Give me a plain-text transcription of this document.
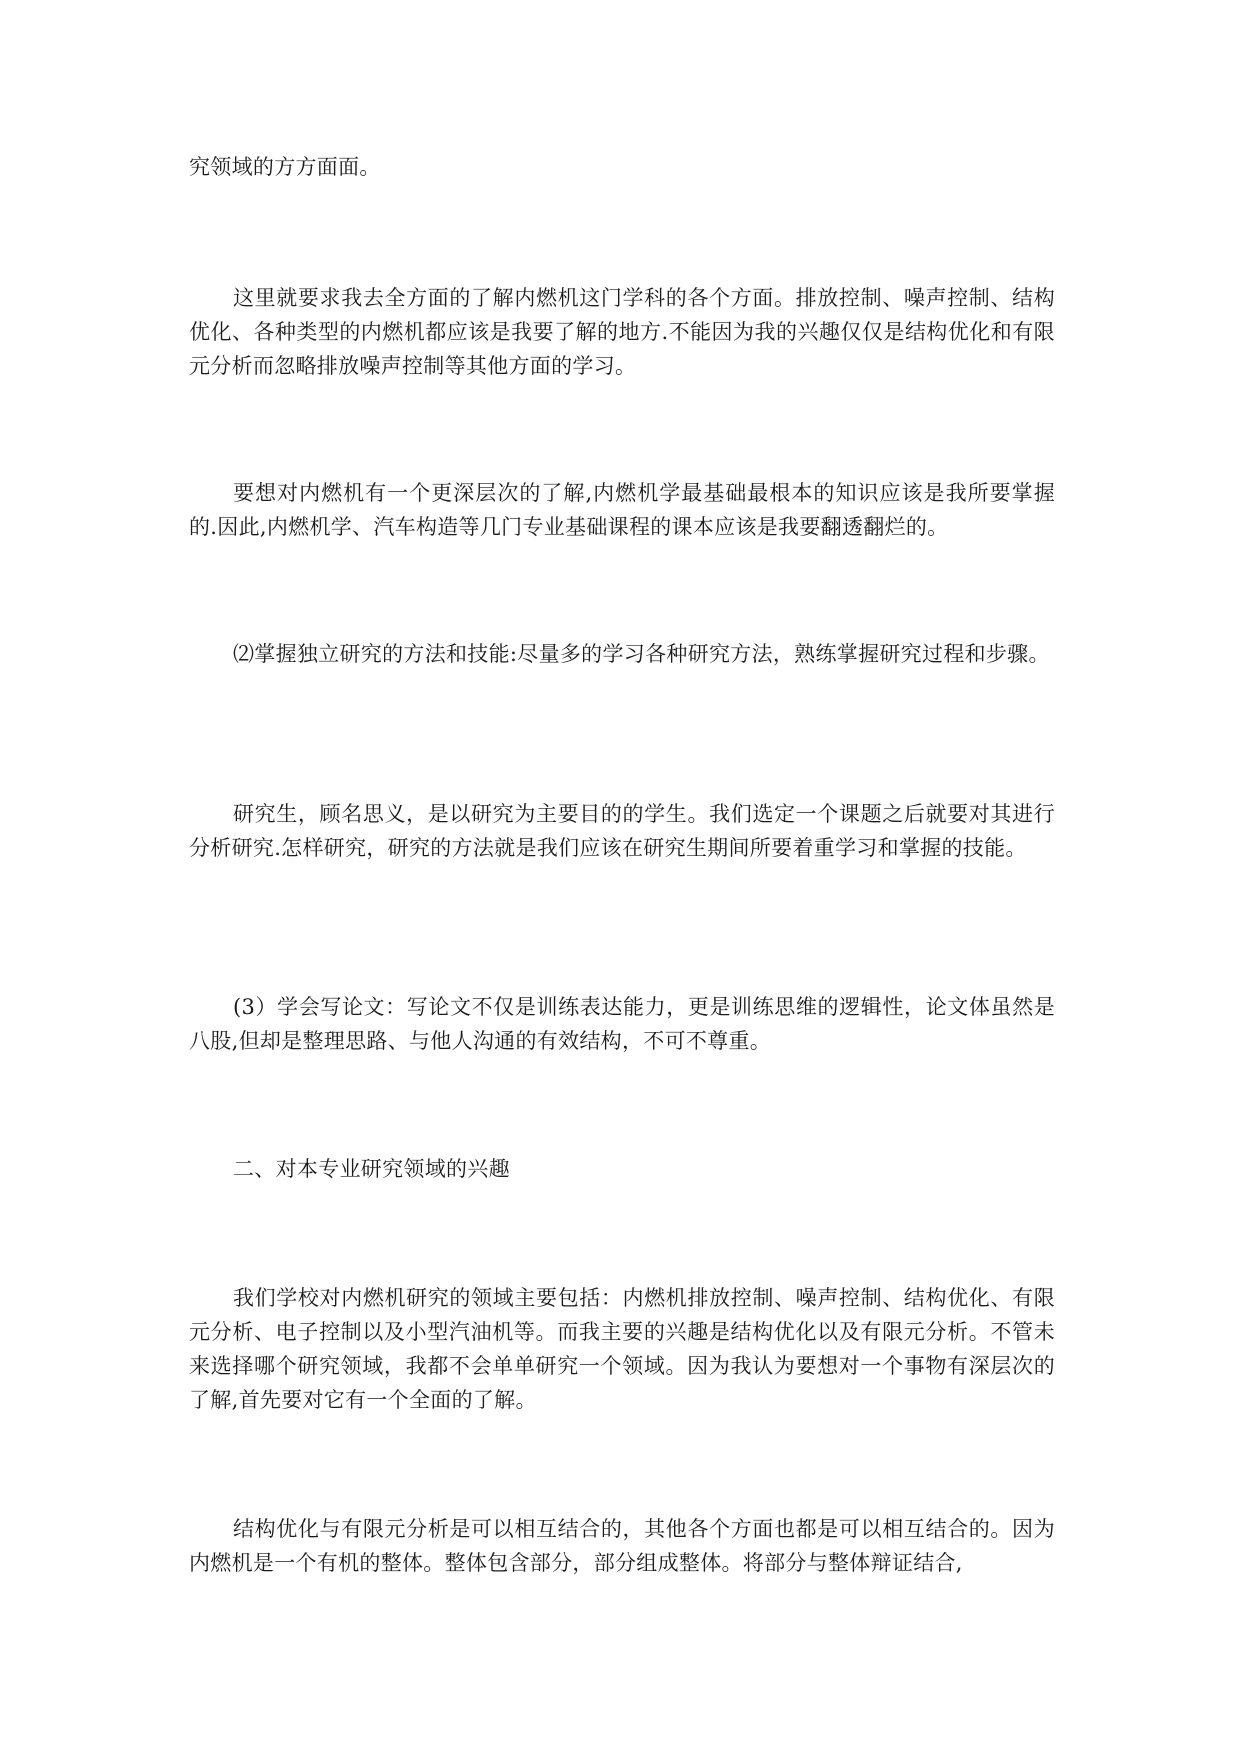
究领域的方方面面。

这里就要求我去全方面的了解内燃机这门学科的各个方面。排放控制、噪声控制、结构优化、各种类型的内燃机都应该是我要了解的地方.不能因为我的兴趣仅仅是结构优化和有限元分析而忽略排放噪声控制等其他方面的学习。

要想对内燃机有一个更深层次的了解,内燃机学最基础最根本的知识应该是我所要掌握的.因此,内燃机学、汽车构造等几门专业基础课程的课本应该是我要翻透翻烂的。

⑵掌握独立研究的方法和技能:尽量多的学习各种研究方法，熟练掌握研究过程和步骤。

研究生，顾名思义，是以研究为主要目的的学生。我们选定一个课题之后就要对其进行分析研究.怎样研究，研究的方法就是我们应该在研究生期间所要着重学习和掌握的技能。

(3）学会写论文：写论文不仅是训练表达能力，更是训练思维的逻辑性，论文体虽然是八股,但却是整理思路、与他人沟通的有效结构，不可不尊重。

二、对本专业研究领域的兴趣

我们学校对内燃机研究的领域主要包括：内燃机排放控制、噪声控制、结构优化、有限元分析、电子控制以及小型汽油机等。而我主要的兴趣是结构优化以及有限元分析。不管未来选择哪个研究领域，我都不会单单研究一个领域。因为我认为要想对一个事物有深层次的了解,首先要对它有一个全面的了解。

结构优化与有限元分析是可以相互结合的，其他各个方面也都是可以相互结合的。因为内燃机是一个有机的整体。整体包含部分，部分组成整体。将部分与整体辩证结合,
